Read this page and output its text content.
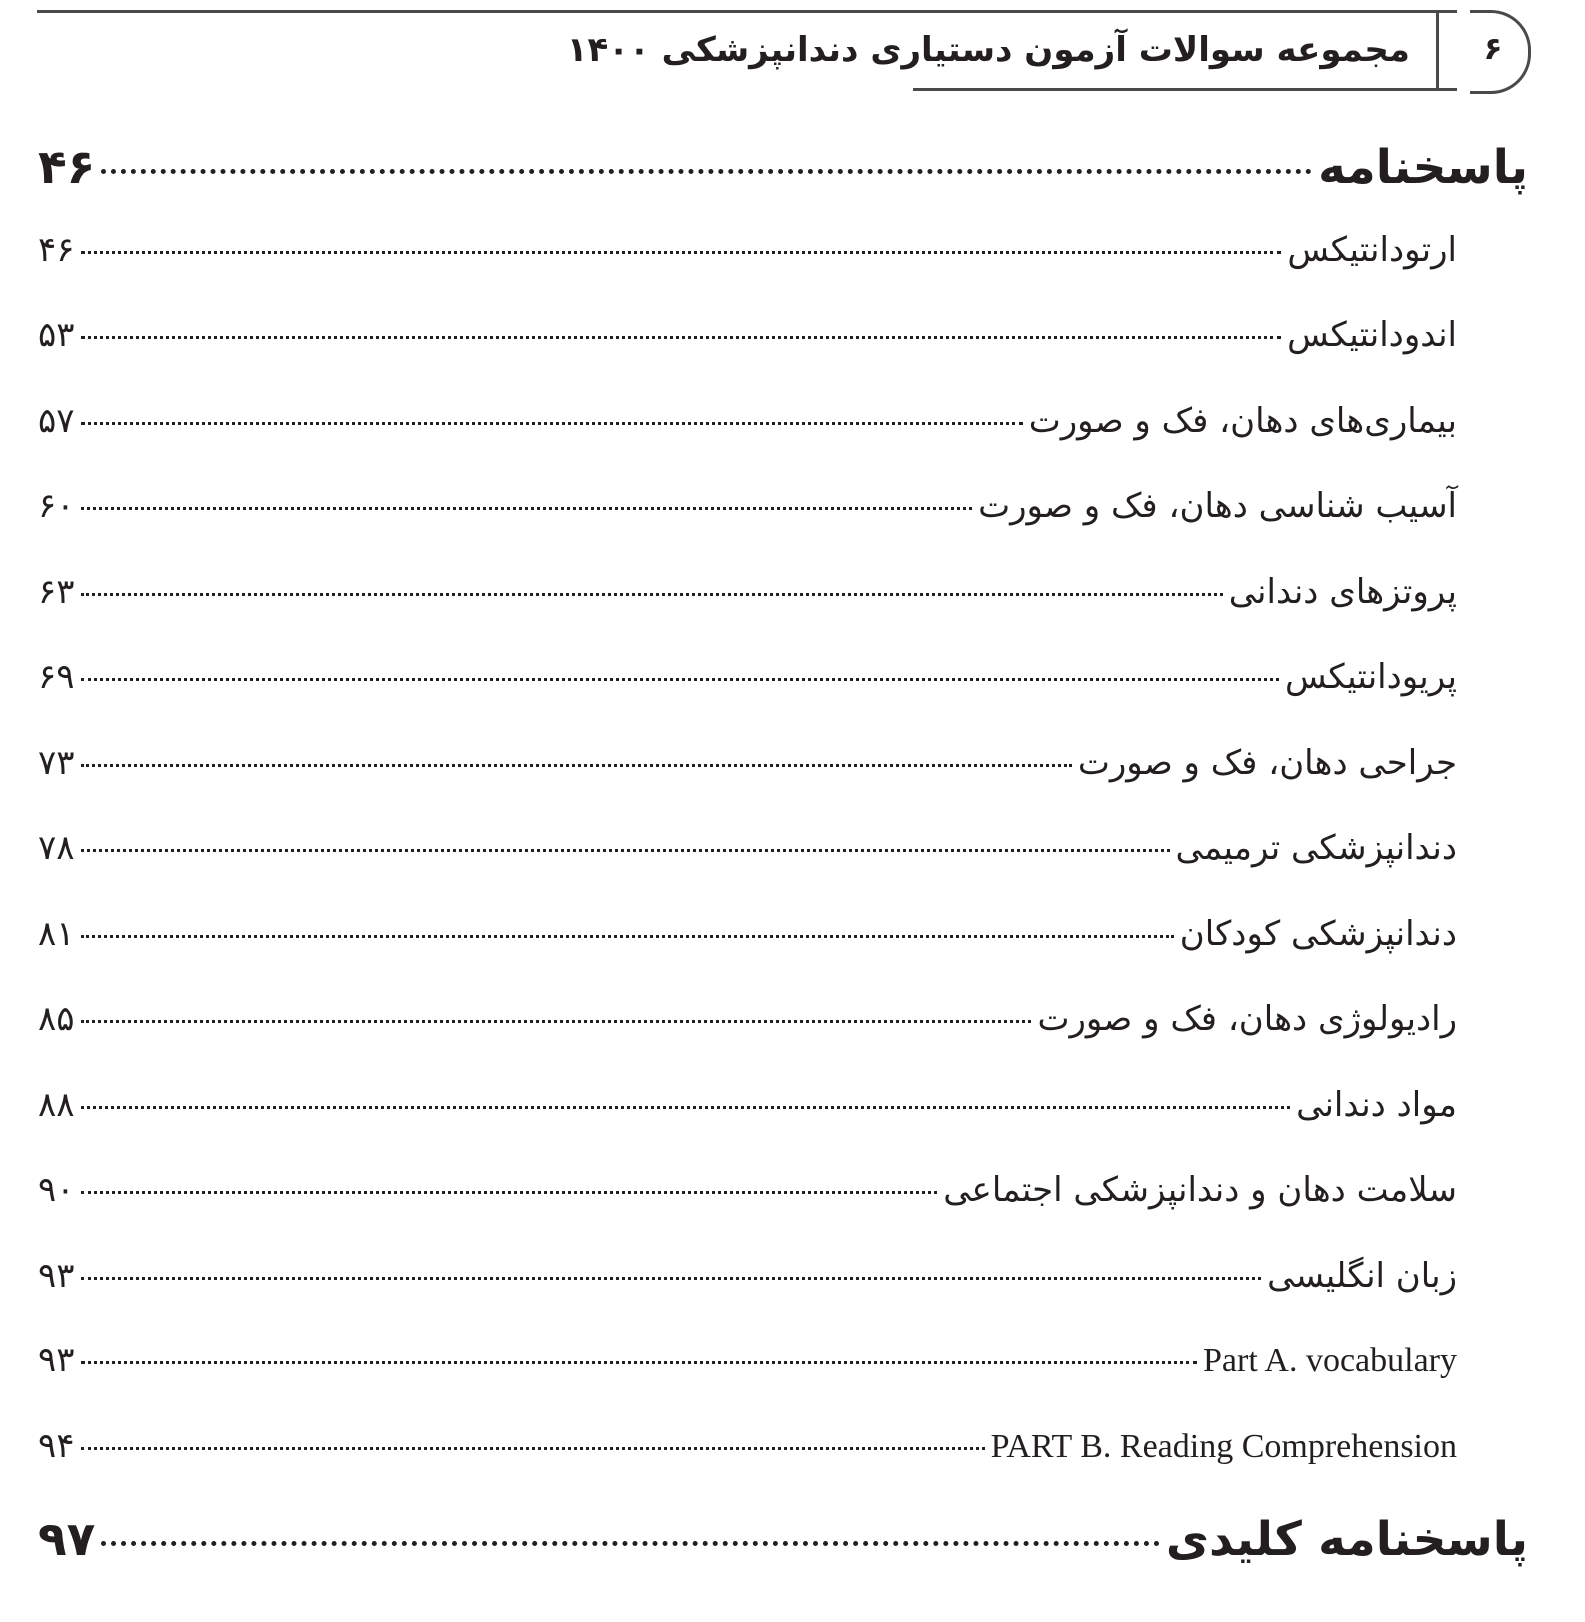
۶
مجموعه سوالات آزمون دستیاری دندانپزشکی ۱۴۰۰
پاسخنامه
۴۶
ارتودانتیکس
۴۶
اندودانتیکس
۵۳
بیماری‌های دهان، فک و صورت
۵۷
آسیب شناسی دهان، فک و صورت
۶۰
پروتزهای دندانی
۶۳
پریودانتیکس
۶۹
جراحی دهان، فک و صورت
۷۳
دندانپزشکی ترمیمی
۷۸
دندانپزشکی کودکان
۸۱
رادیولوژی دهان، فک و صورت
۸۵
مواد دندانی
۸۸
سلامت دهان و دندانپزشکی اجتماعی
۹۰
زبان انگلیسی
۹۳
Part A. vocabulary
۹۳
PART B. Reading Comprehension
۹۴
پاسخنامه کلیدی
۹۷
